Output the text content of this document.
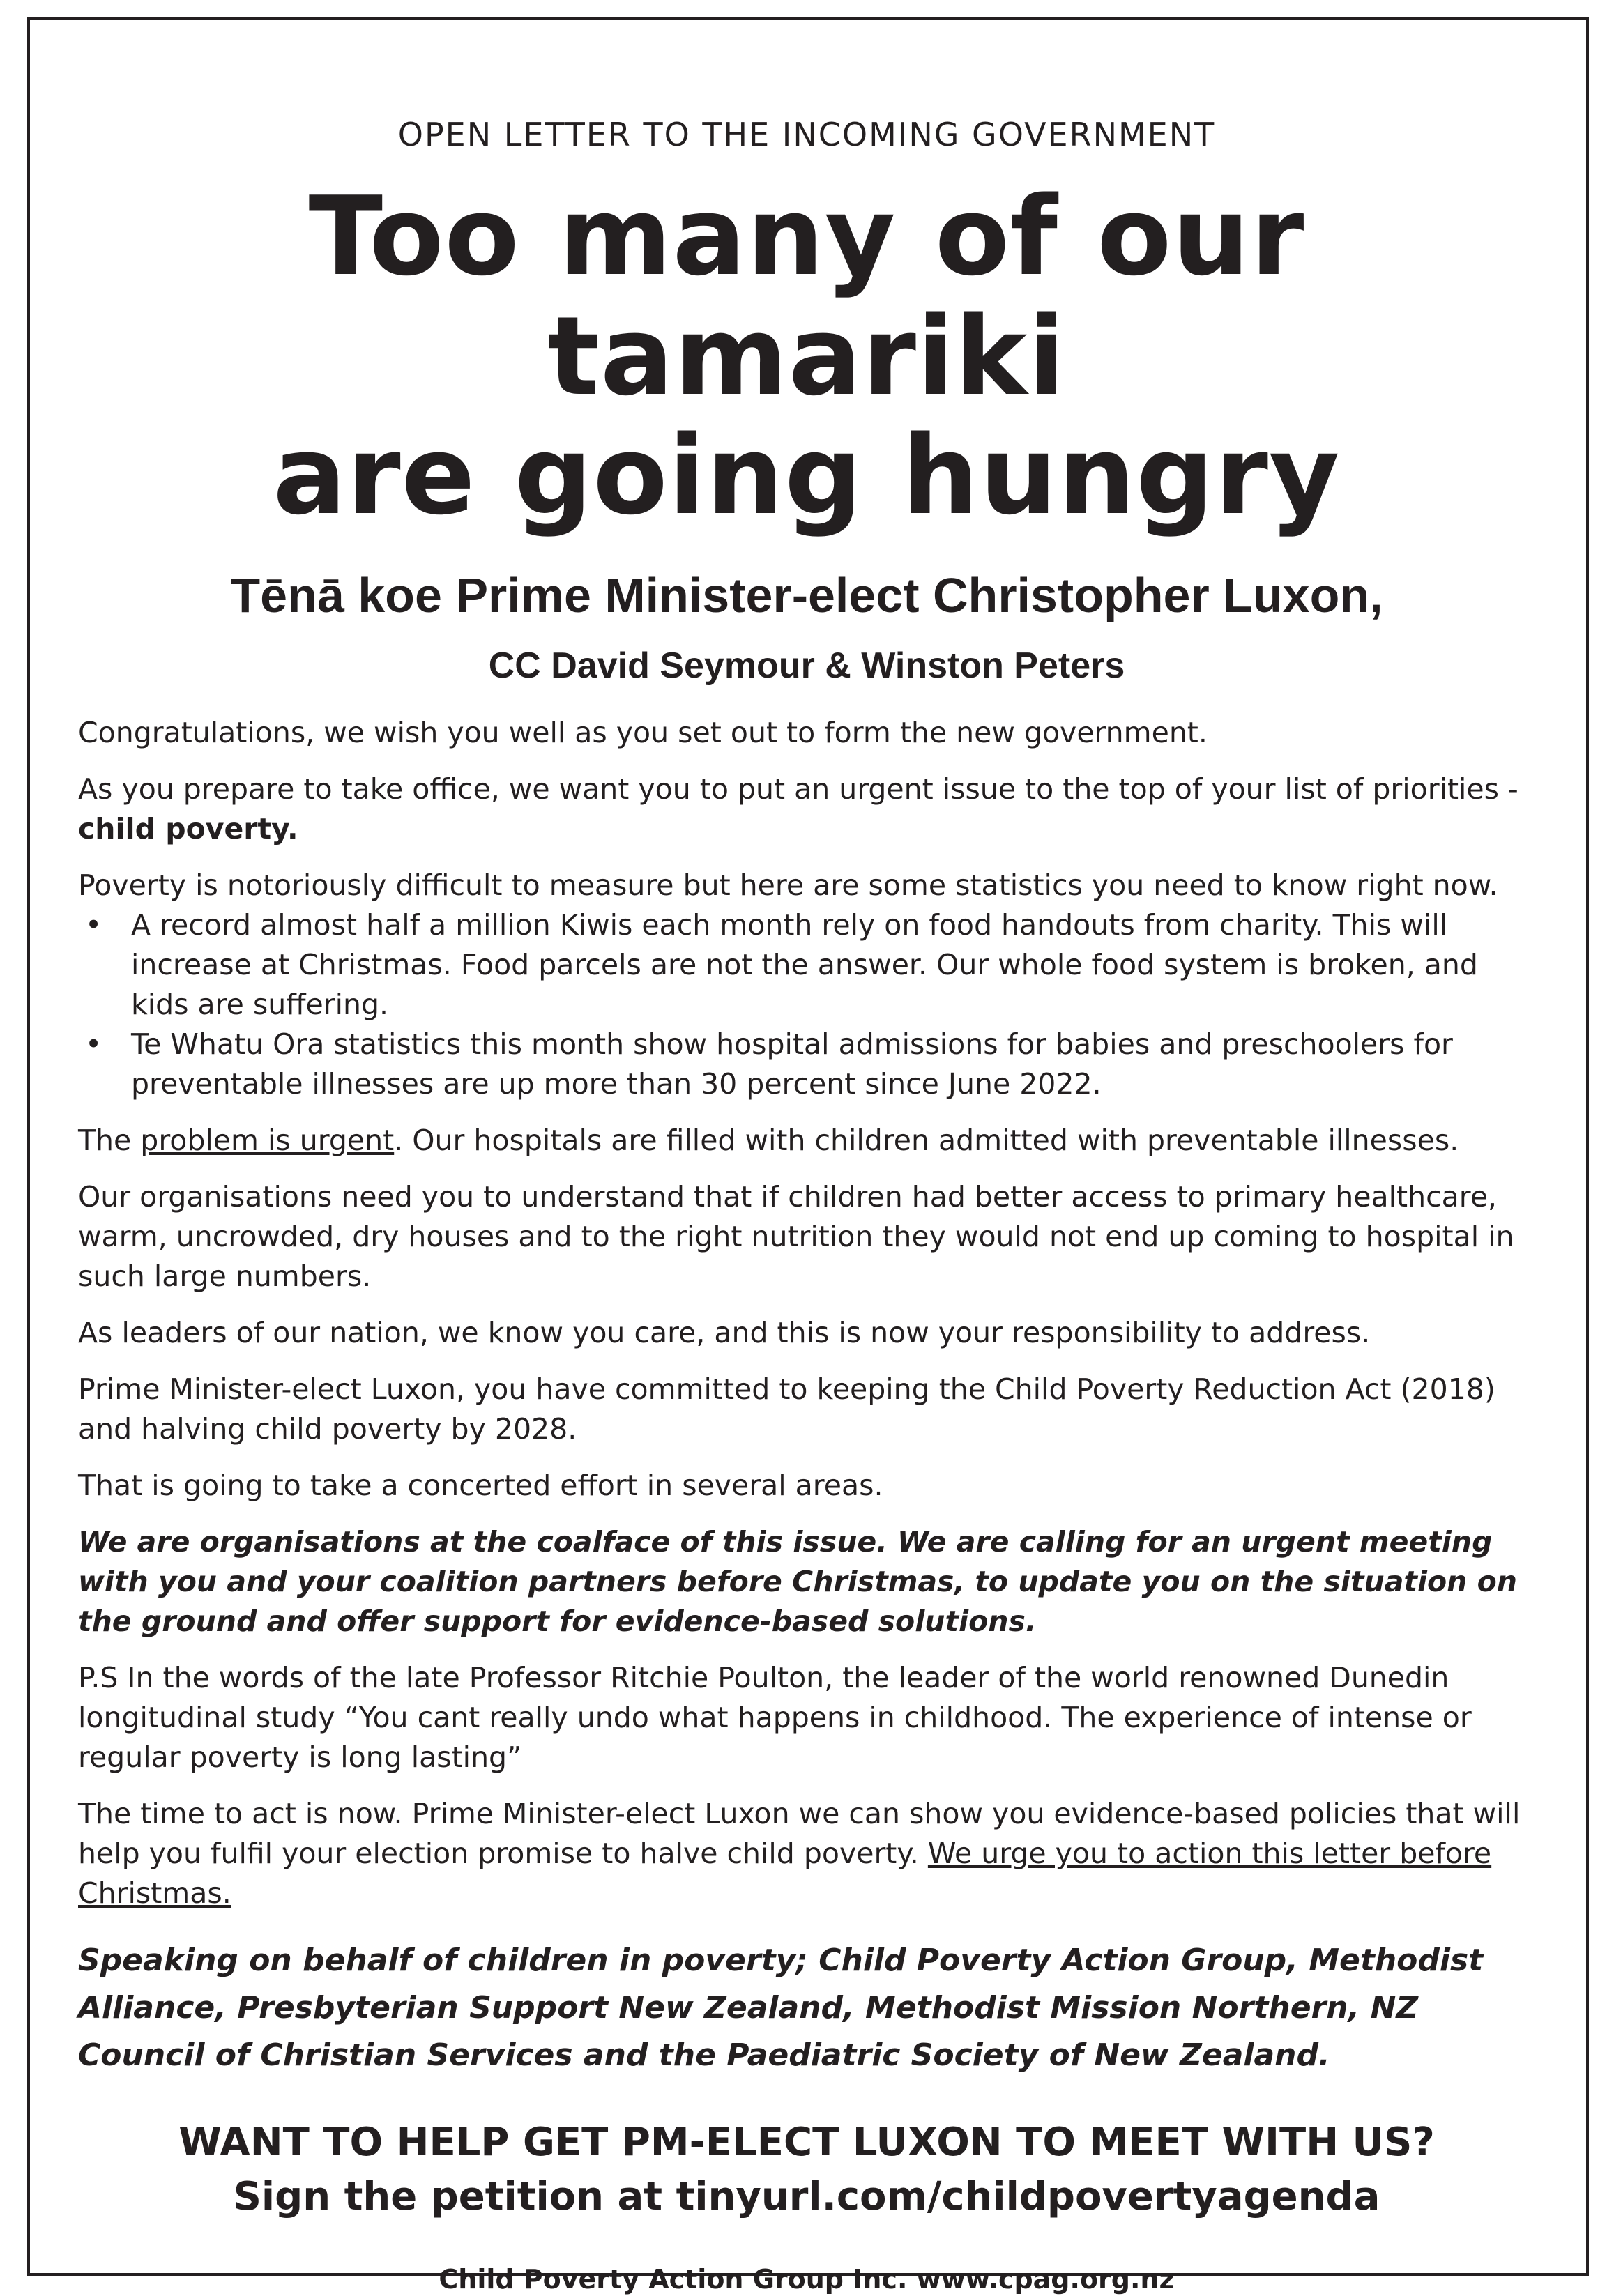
OPEN LETTER TO THE INCOMING GOVERNMENT
Too many of our tamariki
are going hungry
Tēnā koe Prime Minister-elect Christopher Luxon,
CC David Seymour & Winston Peters

Congratulations, we wish you well as you set out to form the new government.

As you prepare to take office, we want you to put an urgent issue to the top of your list of priorities -
child poverty.

Poverty is notoriously difficult to measure but here are some statistics you need to know right now.

• A record almost half a million Kiwis each month rely on food handouts from charity. This will increase at Christmas. Food parcels are not the answer. Our whole food system is broken, and kids are suffering.
• Te Whatu Ora statistics this month show hospital admissions for babies and preschoolers for preventable illnesses are up more than 30 percent since June 2022.

The problem is urgent. Our hospitals are filled with children admitted with preventable illnesses.

Our organisations need you to understand that if children had better access to primary healthcare, warm, uncrowded, dry houses and to the right nutrition they would not end up coming to hospital in such large numbers.

As leaders of our nation, we know you care, and this is now your responsibility to address.

Prime Minister-elect Luxon, you have committed to keeping the Child Poverty Reduction Act (2018) and halving child poverty by 2028.

That is going to take a concerted effort in several areas.

We are organisations at the coalface of this issue. We are calling for an urgent meeting with you and your coalition partners before Christmas, to update you on the situation on the ground and offer support for evidence-based solutions.

P.S In the words of the late Professor Ritchie Poulton, the leader of the world renowned Dunedin longitudinal study “You cant really undo what happens in childhood. The experience of intense or regular poverty is long lasting”

The time to act is now. Prime Minister-elect Luxon we can show you evidence-based policies that will help you fulfil your election promise to halve child poverty. We urge you to action this letter before Christmas.

Speaking on behalf of children in poverty; Child Poverty Action Group, Methodist Alliance, Presbyterian Support New Zealand, Methodist Mission Northern, NZ Council of Christian Services and the Paediatric Society of New Zealand.
WANT TO HELP GET PM-ELECT LUXON TO MEET WITH US?
Sign the petition at tinyurl.com/childpovertyagenda
Child Poverty Action Group Inc. www.cpag.org.nz
